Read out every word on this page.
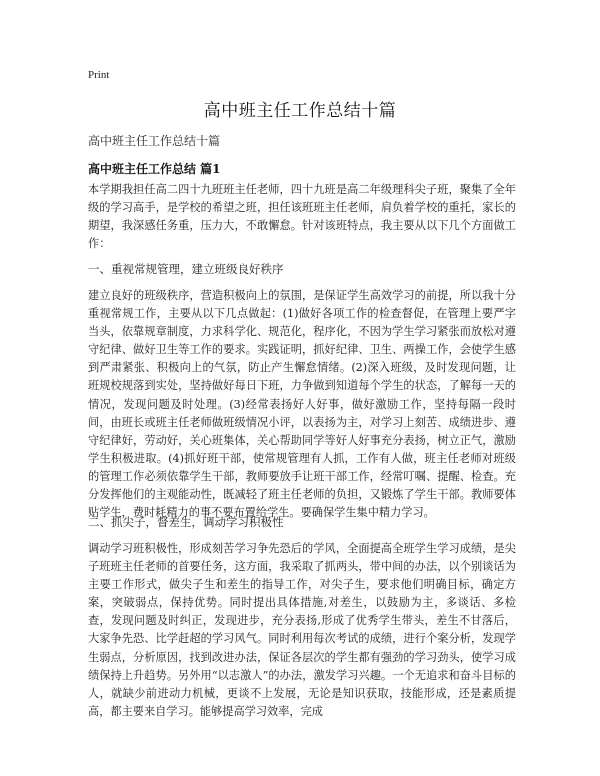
Print
高中班主任工作总结十篇
高中班主任工作总结十篇
高中班主任工作总结 篇1

本学期我担任高二四十九班班主任老师，四十九班是高二年级理科尖子班，聚集了全年级的学习高手，是学校的希望之班，担任该班班主任老师，肩负着学校的重托，家长的期望，我深感任务重，压力大，不敢懈怠。针对该班特点，我主要从以下几个方面做工作：

一、重视常规管理，建立班级良好秩序

建立良好的班级秩序，营造积极向上的氛围，是保证学生高效学习的前提，所以我十分重视常规工作，主要从以下几点做起：(1)做好各项工作的检查督促，在管理上要严字当头，依靠规章制度，力求科学化、规范化，程序化，不因为学生学习紧张而放松对遵守纪律、做好卫生等工作的要求。实践证明，抓好纪律、卫生、两操工作，会使学生感到严肃紧张、积极向上的气氛，防止产生懈怠情绪。(2)深入班级，及时发现问题，让班规校规落到实处，坚持做好每日下班，力争做到知道每个学生的状态，了解每一天的情况，发现问题及时处理。(3)经常表扬好人好事，做好激励工作，坚持每隔一段时间，由班长或班主任老师做班级情况小评，以表扬为主，对学习上刻苦、成绩进步、遵守纪律好，劳动好，关心班集体，关心帮助同学等好人好事充分表扬，树立正气，激励学生积极进取。(4)抓好班干部，使常规管理有人抓，工作有人做，班主任老师对班级的管理工作必须依靠学生干部，教师要放手让班干部工作，经常叮嘱、提醒、检查。充分发挥他们的主观能动性，既减轻了班主任老师的负担，又锻炼了学生干部。教师要体贴学生，费时耗精力的事不要布置给学生。要确保学生集中精力学习。

二、抓尖子，督差生，调动学习积极性

调动学习班积极性，形成刻苦学习争先恐后的学风，全面提高全班学生学习成绩，是尖子班班主任老师的首要任务，这方面，我采取了抓两头，带中间的办法，以个别谈话为主要工作形式，做尖子生和差生的指导工作，对尖子生，要求他们明确目标，确定方案，突破弱点，保持优势。同时提出具体措施,对差生，以鼓励为主，多谈话、多检查，发现问题及时纠正，发现进步，充分表扬,形成了优秀学生带头，差生不甘落后，大家争先恐、比学赶超的学习风气。同时利用每次考试的成绩，进行个案分析，发现学生弱点，分析原因，找到改进办法，保证各层次的学生都有强劲的学习劲头，使学习成绩保持上升趋势。另外用“以志激人”的办法，激发学习兴趣。一个无追求和奋斗目标的人，就缺少前进动力机械，更谈不上发展，无论是知识获取，技能形成，还是素质提高，都主要来自学习。能够提高学习效率，完成
